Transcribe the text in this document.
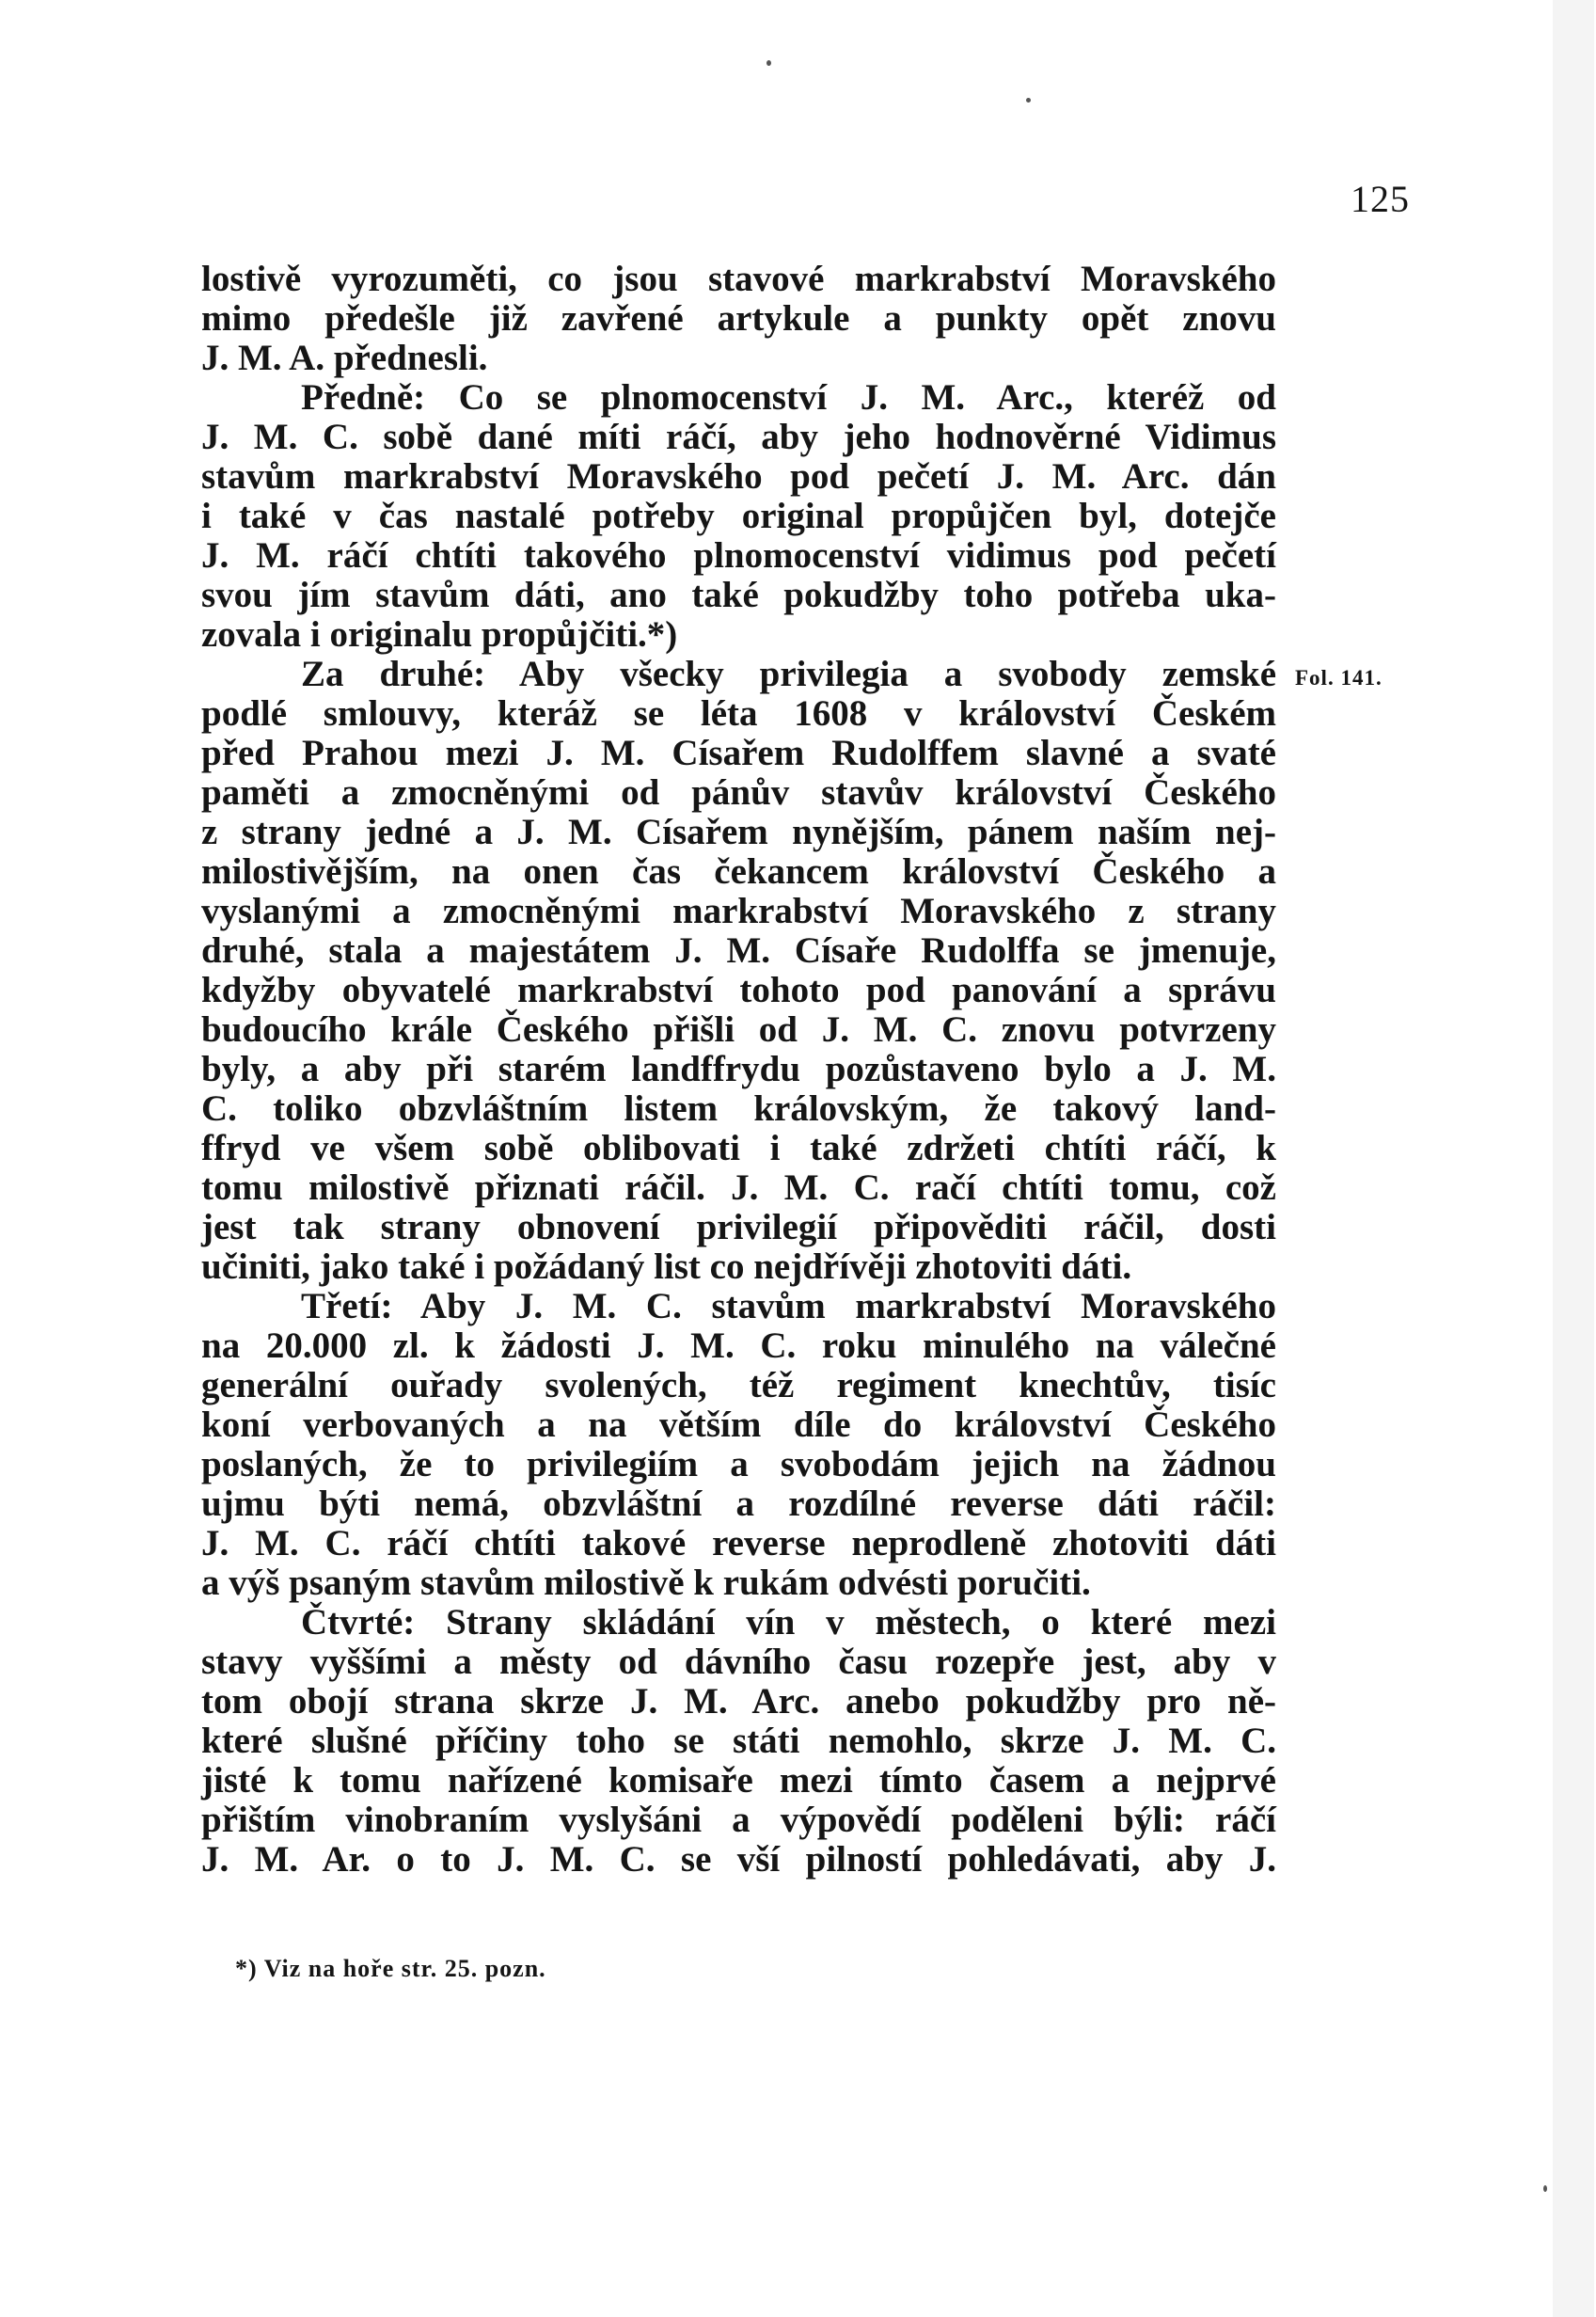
125
lostivě vyrozuměti, co jsou stavové markrabství Moravského
mimo předešle již zavřené artykule a punkty opět znovu
J. M. A. přednesli.
Předně: Co se plnomocenství J. M. Arc., kteréž od
J. M. C. sobě dané míti ráčí, aby jeho hodnověrné Vidimus
stavům markrabství Moravského pod pečetí J. M. Arc. dán
i také v čas nastalé potřeby original propůjčen byl, dotejče
J. M. ráčí chtíti takového plnomocenství vidimus pod pečetí
svou jím stavům dáti, ano také pokudžby toho potřeba uka-
zovala i originalu propůjčiti.*)
Za druhé: Aby všecky privilegia a svobody zemské
podlé smlouvy, kteráž se léta 1608 v království Českém
před Prahou mezi J. M. Císařem Rudolffem slavné a svaté
paměti a zmocněnými od pánův stavův království Českého
z strany jedné a J. M. Císařem nynějším, pánem naším nej-
milostivějším, na onen čas čekancem království Českého a
vyslanými a zmocněnými markrabství Moravského z strany
druhé, stala a majestátem J. M. Císaře Rudolffa se jmenuje,
kdyžby obyvatelé markrabství tohoto pod panování a správu
budoucího krále Českého přišli od J. M. C. znovu potvrzeny
byly, a aby při starém landffrydu pozůstaveno bylo a J. M.
C. toliko obzvláštním listem královským, že takový land-
ffryd ve všem sobě oblibovati i také zdržeti chtíti ráčí, k
tomu milostivě přiznati ráčil. J. M. C. račí chtíti tomu, což
jest tak strany obnovení privilegií připověditi ráčil, dosti
učiniti, jako také i požádaný list co nejdřívěji zhotoviti dáti.
Třetí: Aby J. M. C. stavům markrabství Moravského
na 20.000 zl. k žádosti J. M. C. roku minulého na válečné
generální ouřady svolených, též regiment knechtův, tisíc
koní verbovaných a na větším díle do království Českého
poslaných, že to privilegiím a svobodám jejich na žádnou
ujmu býti nemá, obzvláštní a rozdílné reverse dáti ráčil:
J. M. C. ráčí chtíti takové reverse neprodleně zhotoviti dáti
a výš psaným stavům milostivě k rukám odvésti poručiti.
Čtvrté: Strany skládání vín v městech, o které mezi
stavy vyššími a městy od dávního času rozepře jest, aby v
tom obojí strana skrze J. M. Arc. anebo pokudžby pro ně-
které slušné příčiny toho se státi nemohlo, skrze J. M. C.
jisté k tomu nařízené komisaře mezi tímto časem a nejprvé
přištím vinobraním vyslyšáni a výpovědí poděleni býli: ráčí
J. M. Ar. o to J. M. C. se vší pilností pohledávati, aby J.
Fol. 141.
*) Viz na hoře str. 25. pozn.
